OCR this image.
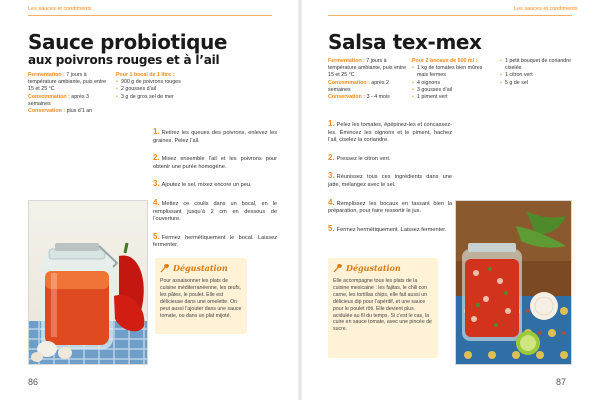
Les sauces et condiments
Sauce probiotique
aux poivrons rouges et à l’ail
Fermentation : 7 jours à température ambiante, puis entre 15 et 25 °C
Consommation : après 3 semaines
Conservation : plus d’1 an
Pour 1 bocal de 1 litre :
• 900 g de poivrons rouges
• 2 gousses d’ail
• 3 g de gros sel de mer
1. Retirez les queues des poivrons, enlevez les graines. Pelez l’ail.
2. Mixez ensemble l’ail et les poivrons pour obtenir une purée homogène.
3. Ajoutez le sel, mixez encore un peu.
4. Mettez ce coulis dans un bocal, en le remplissant jusqu’à 2 cm en dessous de l’ouverture.
5. Fermez hermétiquement le bocal. Laissez fermenter.
Dégustation
Pour assaisonner les plats de cuisine méditerranéenne, les œufs, les pâtes, le poulet. Elle est délicieuse dans une omelette. On peut aussi l’ajouter dans une sauce tomate, ou dans un plat mijoté.
86
Les sauces et condiments
Salsa tex-mex
Fermentation : 7 jours à température ambiante, puis entre 15 et 25 °C
Consommation : après 2 semaines
Conservation : 3 - 4 mois
Pour 2 bocaux de 500 ml :
• 1 kg de tomates bien mûres mais fermes
• 4 oignons
• 3 gousses d’ail
• 1 piment vert
• 1 petit bouquet de coriandre ciselée
• 1 citron vert
• 5 g de sel
1. Pelez les tomates, épépinez-les et concassez-les. Émincez les oignons et le piment, hachez l’ail, ciselez la coriandre.
2. Pressez le citron vert.
3. Réunissez tous ces ingrédients dans une jatte, mélangez avec le sel.
4. Remplissez les bocaux en tassant bien la préparation, pour faire ressortir le jus.
5. Fermez hermétiquement. Laissez fermenter.
Dégustation
Elle accompagne tous les plats de la cuisine mexicaine : les fajitas, le chili con carne, les tortillas chips, elle fait aussi un délicieux dip pour l’apéritif, et une sauce pour le poulet rôti. Elle devient plus acidulée au fil du temps. Si c’est le cas, la cuire en sauce tomate, avec une pincée de sucre.
87
